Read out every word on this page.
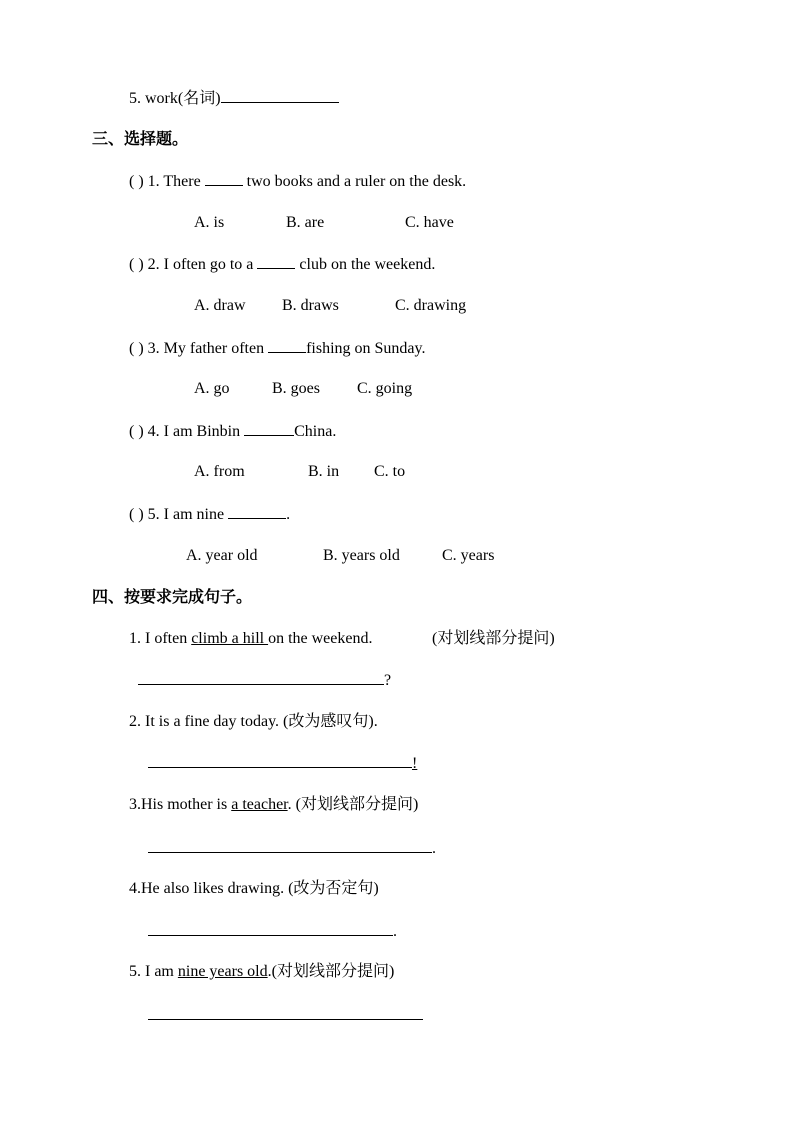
5. work(名词)
三、选择题。
( ) 1. There  two books and a ruler on the desk.
A. is	B. are	C. have
( ) 2. I often go to a  club on the weekend.
A. draw B. draws	C. drawing
( ) 3. My father often fishing on Sunday.
A. go	B. goes C. going
( ) 4. I am Binbin	China.
A. from	B. in C. to
( ) 5. I am nine	.
A. year old	B. years old	C. years
四、按要求完成句子。
1. I often climb a hill on the weekend.	(对划线部分提问)
?
2. It is a fine day today. (改为感叹句).
!
3.His mother is a teacher. (对划线部分提问)
.
4.He also likes drawing. (改为否定句)
.
5. I am nine years old.(对划线部分提问)
